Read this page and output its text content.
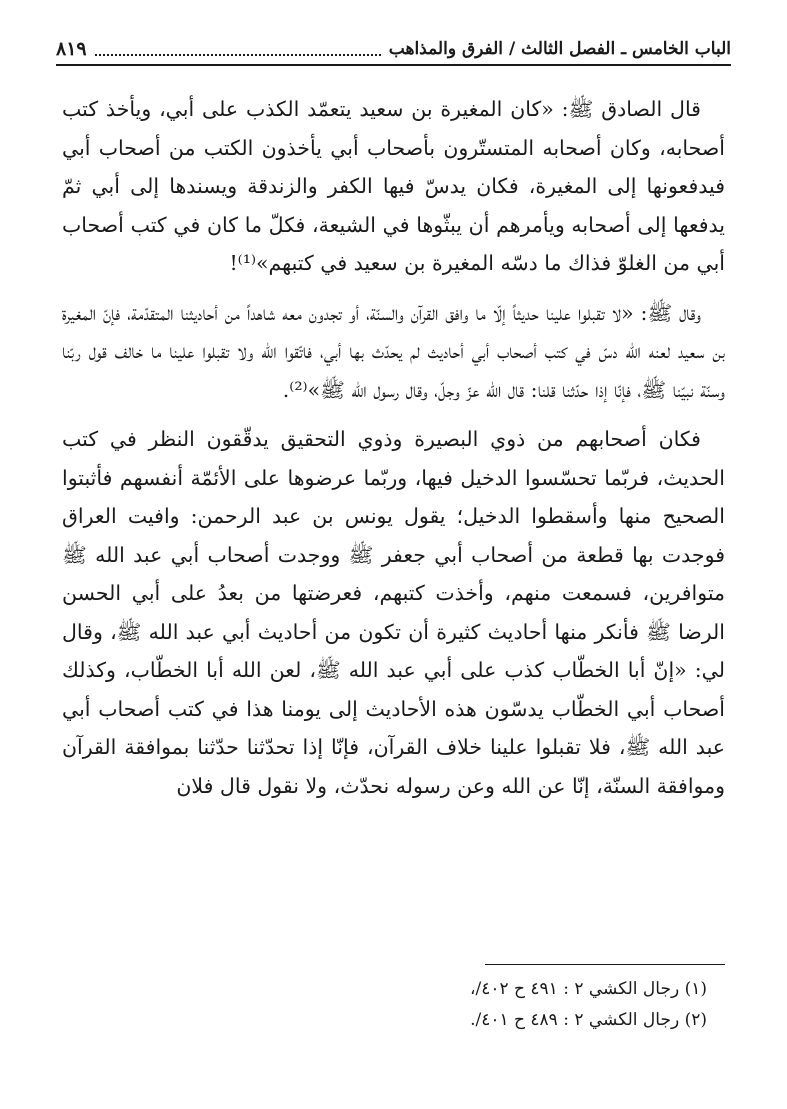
الباب الخامس ـ الفصل الثالث / الفرق والمذاهب
٨١٩

قال الصادق ﷺ: «كان المغيرة بن سعيد يتعمّد الكذب على أبي، ويأخذ كتب أصحابه، وكان أصحابه المتستّرون بأصحاب أبي يأخذون الكتب من أصحاب أبي فيدفعونها إلى المغيرة، فكان يدسّ فيها الكفر والزندقة ويسندها إلى أبي ثمّ يدفعها إلى أصحابه ويأمرهم أن يبثّوها في الشيعة، فكلّ ما كان في كتب أصحاب أبي من الغلوّ فذاك ما دسّه المغيرة بن سعيد في كتبهم»⁽¹⁾!

وقال ﷺ: «لا تقبلوا علينا حديثاً إلّا ما وافق القرآن والسنّة، أو تجدون معه شاهداً من أحاديثنا المتقدّمة، فإنّ المغيرة بن سعيد لعنه الله دسّ في كتب أصحاب أبي أحاديث لم يحدّث بها أبي، فاتّقوا الله ولا تقبلوا علينا ما خالف قول ربّنا وسنّة نبيّنا ﷺ، فإنّا إذا حدّثنا قلنا: قال الله عزّ وجلّ، وقال رسول الله ﷺ»⁽²⁾.

فكان أصحابهم من ذوي البصيرة وذوي التحقيق يدقّقون النظر في كتب الحديث، فربّما تحسّسوا الدخيل فيها، وربّما عرضوها على الأئمّة أنفسهم فأثبتوا الصحيح منها وأسقطوا الدخيل؛ يقول يونس بن عبد الرحمن: وافيت العراق فوجدت بها قطعة من أصحاب أبي جعفر ﷺ ووجدت أصحاب أبي عبد الله ﷺ متوافرين، فسمعت منهم، وأخذت كتبهم، فعرضتها من بعدُ على أبي الحسن الرضا ﷺ فأنكر منها أحاديث كثيرة أن تكون من أحاديث أبي عبد الله ﷺ، وقال لي: «إنّ أبا الخطّاب كذب على أبي عبد الله ﷺ، لعن الله أبا الخطّاب، وكذلك أصحاب أبي الخطّاب يدسّون هذه الأحاديث إلى يومنا هذا في كتب أصحاب أبي عبد الله ﷺ، فلا تقبلوا علينا خلاف القرآن، فإنّا إذا تحدّثنا حدّثنا بموافقة القرآن وموافقة السنّة، إنّا عن الله وعن رسوله نحدّث، ولا نقول قال فلان

(١) رجال الكشي ٢ : ٤٩١ ح ٤٠٢/،
(٢) رجال الكشي ٢ : ٤٨٩ ح ٤٠١/.
